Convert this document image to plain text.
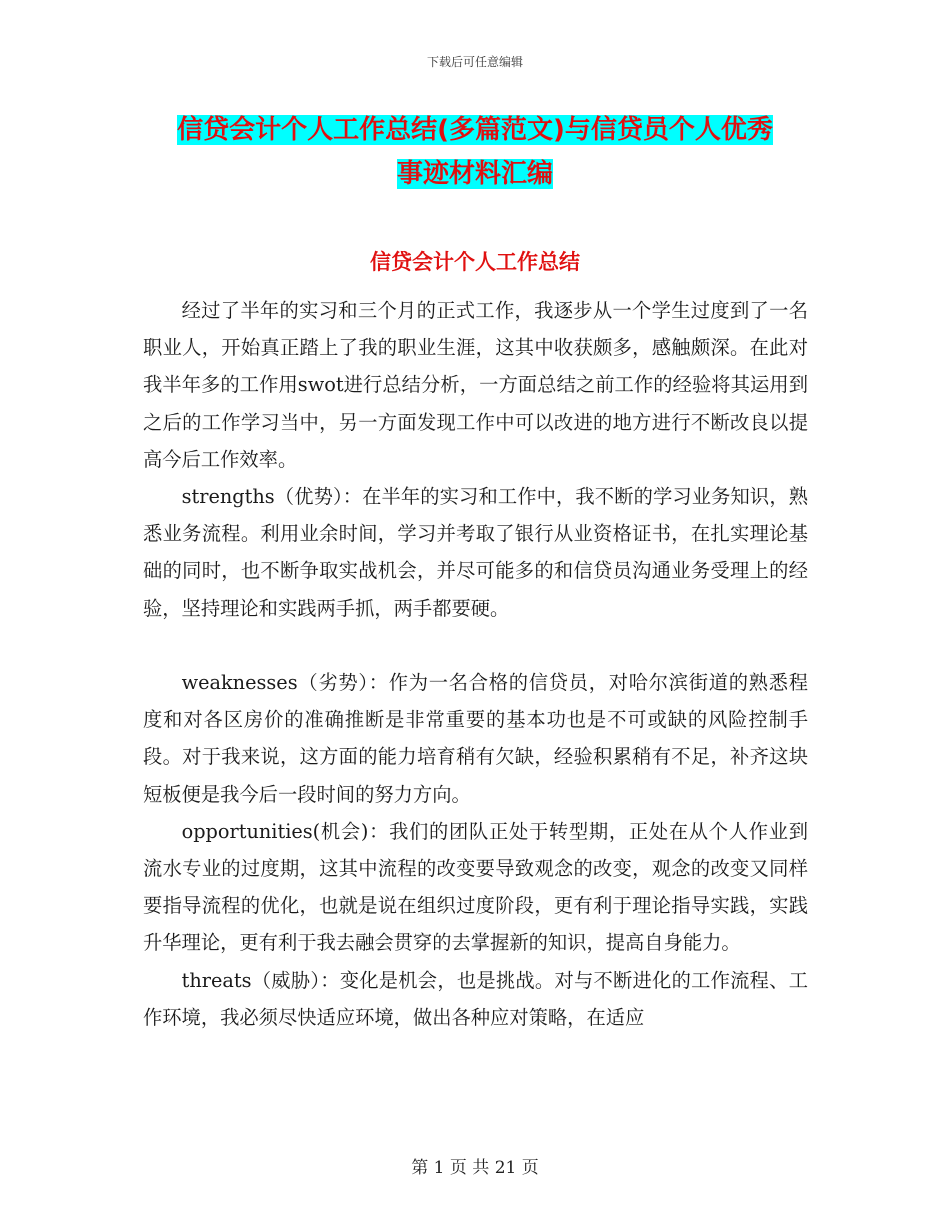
下载后可任意编辑
信贷会计个人工作总结(多篇范文)与信贷员个人优秀
事迹材料汇编
信贷会计个人工作总结

经过了半年的实习和三个月的正式工作，我逐步从一个学生过度到了一名职业人，开始真正踏上了我的职业生涯，这其中收获颇多，感触颇深。在此对我半年多的工作用swot进行总结分析，一方面总结之前工作的经验将其运用到之后的工作学习当中，另一方面发现工作中可以改进的地方进行不断改良以提高今后工作效率。

strengths（优势）：在半年的实习和工作中，我不断的学习业务知识，熟悉业务流程。利用业余时间，学习并考取了银行从业资格证书，在扎实理论基础的同时，也不断争取实战机会，并尽可能多的和信贷员沟通业务受理上的经验，坚持理论和实践两手抓，两手都要硬。

weaknesses（劣势）：作为一名合格的信贷员，对哈尔滨街道的熟悉程度和对各区房价的准确推断是非常重要的基本功也是不可或缺的风险控制手段。对于我来说，这方面的能力培育稍有欠缺，经验积累稍有不足，补齐这块短板便是我今后一段时间的努力方向。

opportunities(机会)：我们的团队正处于转型期，正处在从个人作业到流水专业的过度期，这其中流程的改变要导致观念的改变，观念的改变又同样要指导流程的优化，也就是说在组织过度阶段，更有利于理论指导实践，实践升华理论，更有利于我去融会贯穿的去掌握新的知识，提高自身能力。

threats（威胁）：变化是机会，也是挑战。对与不断进化的工作流程、工作环境，我必须尽快适应环境，做出各种应对策略，在适应

第 1 页 共 21 页
